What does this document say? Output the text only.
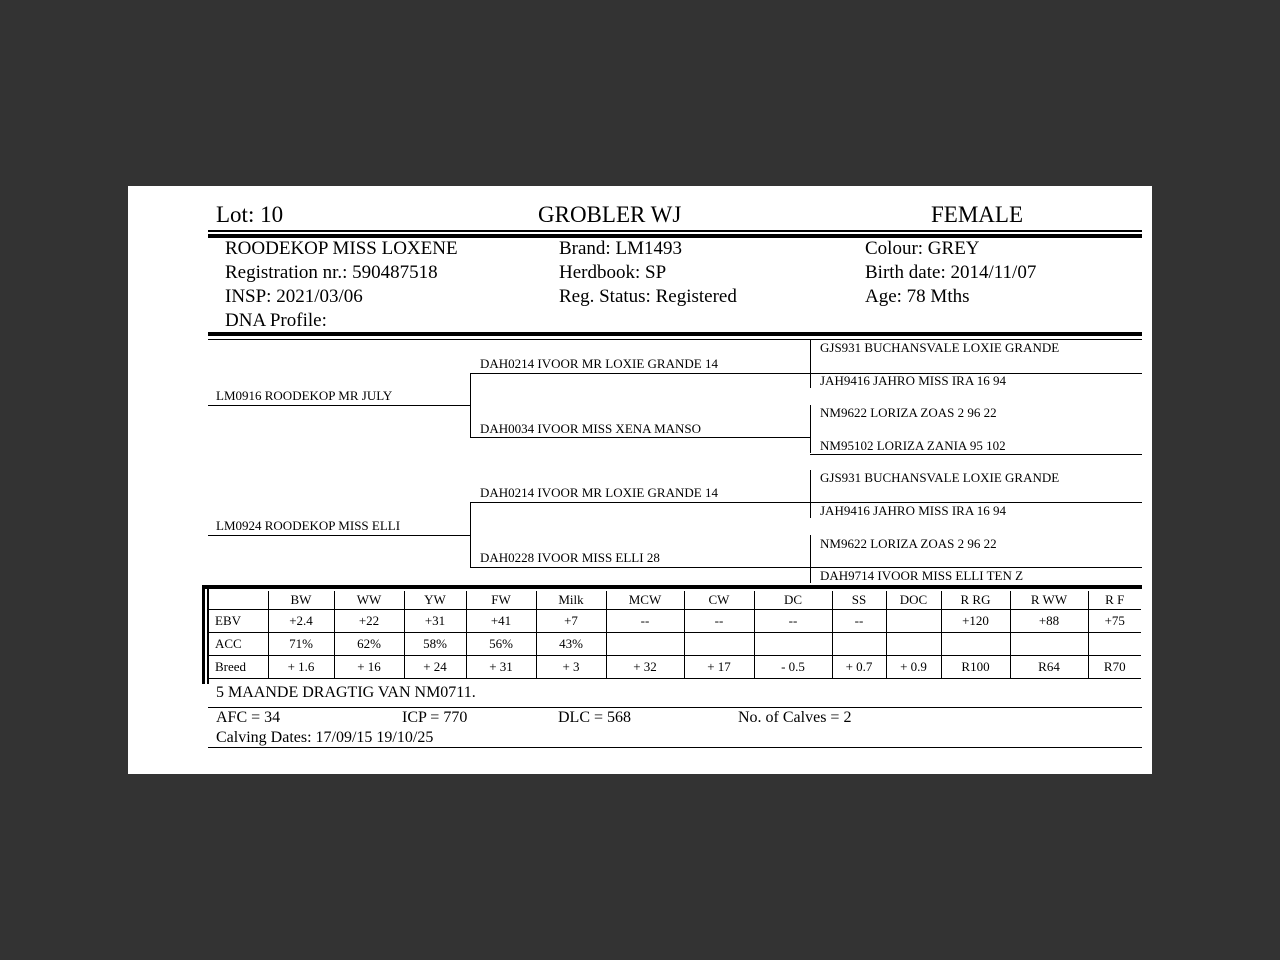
Lot: 10	GROBLER WJ	FEMALE
ROODEKOP MISS LOXENE
Registration nr.: 590487518
INSP: 2021/03/06
DNA Profile:
Brand: LM1493
Herdbook: SP
Reg. Status: Registered
Colour: GREY
Birth date: 2014/11/07
Age: 78 Mths
LM0916 ROODEKOP MR JULY
LM0924 ROODEKOP MISS ELLI
DAH0214 IVOOR MR LOXIE GRANDE 14
DAH0034 IVOOR MISS XENA MANSO
DAH0214 IVOOR MR LOXIE GRANDE 14
DAH0228 IVOOR MISS ELLI 28
GJS931 BUCHANSVALE LOXIE GRANDE
JAH9416 JAHRO MISS IRA 16 94
NM9622 LORIZA ZOAS 2 96 22
NM95102 LORIZA ZANIA 95 102
GJS931 BUCHANSVALE LOXIE GRANDE
JAH9416 JAHRO MISS IRA 16 94
NM9622 LORIZA ZOAS 2 96 22
DAH9714 IVOOR MISS ELLI TEN Z
	BW	WW	YW	FW	Milk	MCW	CW	DC	SS	DOC	R RG	R WW	R F
EBV	+2.4	+22	+31	+41	+7	--	--	--	--		+120	+88	+75
ACC	71%	62%	58%	56%	43%								
Breed	+ 1.6	+ 16	+ 24	+ 31	+ 3	+ 32	+ 17	- 0.5	+ 0.7	+ 0.9	R100	R64	R70
5 MAANDE DRAGTIG VAN NM0711.
AFC = 34	ICP = 770	DLC = 568	No. of Calves = 2
Calving Dates: 17/09/15 19/10/25
